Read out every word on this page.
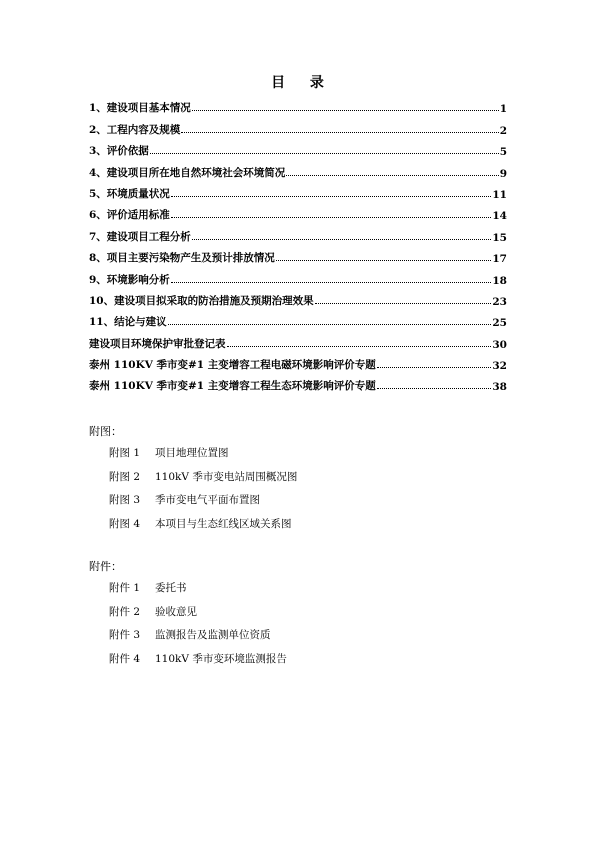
目 录
1、建设项目基本情况	1
2、工程内容及规模	2
3、评价依据	5
4、建设项目所在地自然环境社会环境简况	9
5、环境质量状况	11
6、评价适用标准	14
7、建设项目工程分析	15
8、项目主要污染物产生及预计排放情况	17
9、环境影响分析	18
10、建设项目拟采取的防治措施及预期治理效果	23
11、结论与建议	25
建设项目环境保护审批登记表	30
泰州 110KV 季市变#1 主变增容工程电磁环境影响评价专题	32
泰州 110KV 季市变#1 主变增容工程生态环境影响评价专题	38
附图：
附图 1	项目地理位置图
附图 2	110kV 季市变电站周围概况图
附图 3	季市变电气平面布置图
附图 4	本项目与生态红线区域关系图
附件：
附件 1	委托书
附件 2	验收意见
附件 3	监测报告及监测单位资质
附件 4	110kV 季市变环境监测报告
